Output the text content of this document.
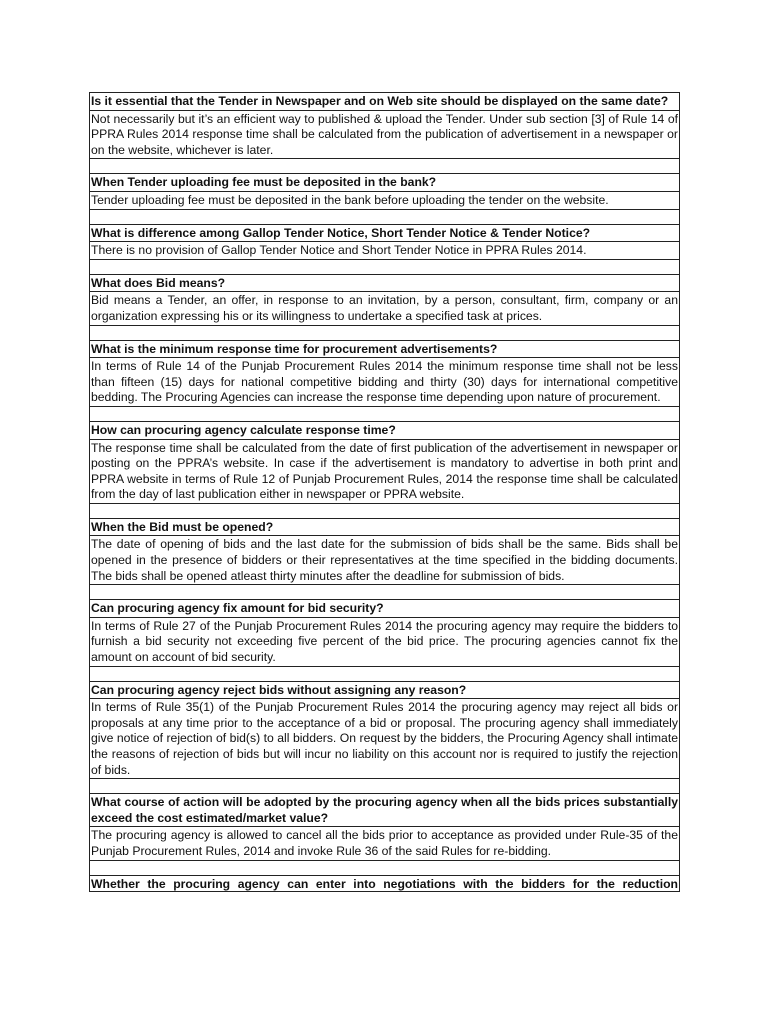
Is it essential that the Tender in Newspaper and on Web site should be displayed on the same date?
Not necessarily but it’s an efficient way to published & upload the Tender. Under sub section [3] of Rule 14 of PPRA Rules 2014 response time shall be calculated from the publication of advertisement in a newspaper or on the website, whichever is later.
When Tender uploading fee must be deposited in the bank?
Tender uploading fee must be deposited in the bank before uploading the tender on the website.
What is difference among Gallop Tender Notice, Short Tender Notice & Tender Notice?
There is no provision of Gallop Tender Notice and Short Tender Notice in PPRA Rules 2014.
What does Bid means?
Bid means a Tender, an offer, in response to an invitation, by a person, consultant, firm, company or an organization expressing his or its willingness to undertake a specified task at prices.
What is the minimum response time for procurement advertisements?
In terms of Rule 14 of the Punjab Procurement Rules 2014 the minimum response time shall not be less than fifteen (15) days for national competitive bidding and thirty (30) days for international competitive bedding. The Procuring Agencies can increase the response time depending upon nature of procurement.
How can procuring agency calculate response time?
The response time shall be calculated from the date of first publication of the advertisement in newspaper or posting on the PPRA’s website. In case if the advertisement is mandatory to advertise in both print and PPRA website in terms of Rule 12 of Punjab Procurement Rules, 2014 the response time shall be calculated from the day of last publication either in newspaper or PPRA website.
When the Bid must be opened?
The date of opening of bids and the last date for the submission of bids shall be the same. Bids shall be opened in the presence of bidders or their representatives at the time specified in the bidding documents. The bids shall be opened atleast thirty minutes after the deadline for submission of bids.
Can procuring agency fix amount for bid security?
In terms of Rule 27 of the Punjab Procurement Rules 2014 the procuring agency may require the bidders to furnish a bid security not exceeding five percent of the bid price. The procuring agencies cannot fix the amount on account of bid security.
Can procuring agency reject bids without assigning any reason?
In terms of Rule 35(1) of the Punjab Procurement Rules 2014 the procuring agency may reject all bids or proposals at any time prior to the acceptance of a bid or proposal. The procuring agency shall immediately give notice of rejection of bid(s) to all bidders. On request by the bidders, the Procuring Agency shall intimate the reasons of rejection of bids but will incur no liability on this account nor is required to justify the rejection of bids.
What course of action will be adopted by the procuring agency when all the bids prices substantially exceed the cost estimated/market value?
The procuring agency is allowed to cancel all the bids prior to acceptance as provided under Rule-35 of the Punjab Procurement Rules, 2014 and invoke Rule 36 of the said Rules for re-bidding.
Whether the procuring agency can enter into negotiations with the bidders for the reduction
